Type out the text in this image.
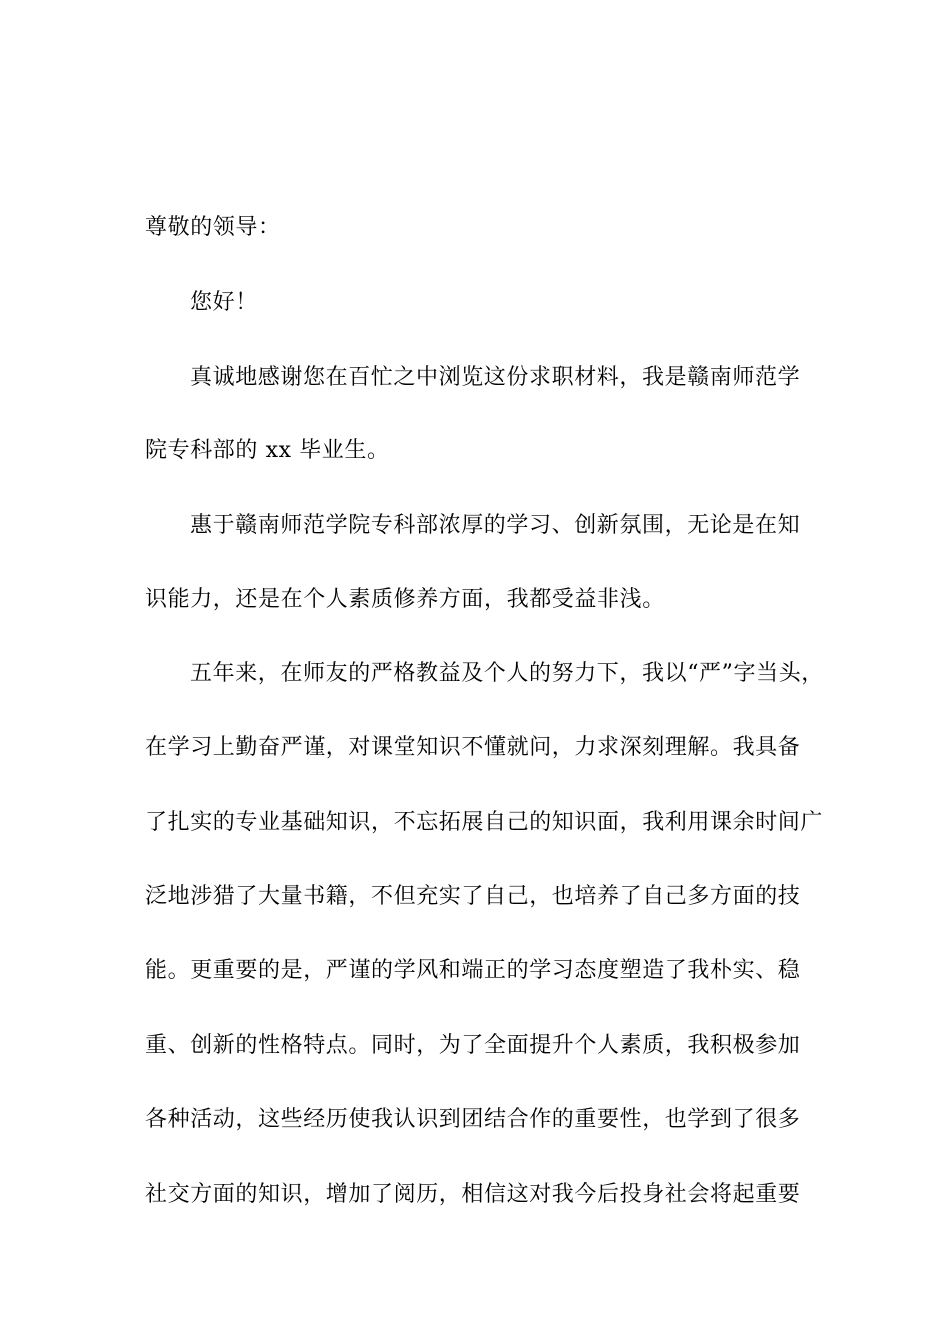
尊敬的领导：
您好！
真诚地感谢您在百忙之中浏览这份求职材料，我是赣南师范学
院专科部的 xx 毕业生。
惠于赣南师范学院专科部浓厚的学习、创新氛围，无论是在知
识能力，还是在个人素质修养方面，我都受益非浅。
五年来，在师友的严格教益及个人的努力下，我以“严”字当头，
在学习上勤奋严谨，对课堂知识不懂就问，力求深刻理解。我具备
了扎实的专业基础知识，不忘拓展自己的知识面，我利用课余时间广
泛地涉猎了大量书籍，不但充实了自己，也培养了自己多方面的技
能。更重要的是，严谨的学风和端正的学习态度塑造了我朴实、稳
重、创新的性格特点。同时，为了全面提升个人素质，我积极参加
各种活动，这些经历使我认识到团结合作的重要性，也学到了很多
社交方面的知识，增加了阅历，相信这对我今后投身社会将起重要
